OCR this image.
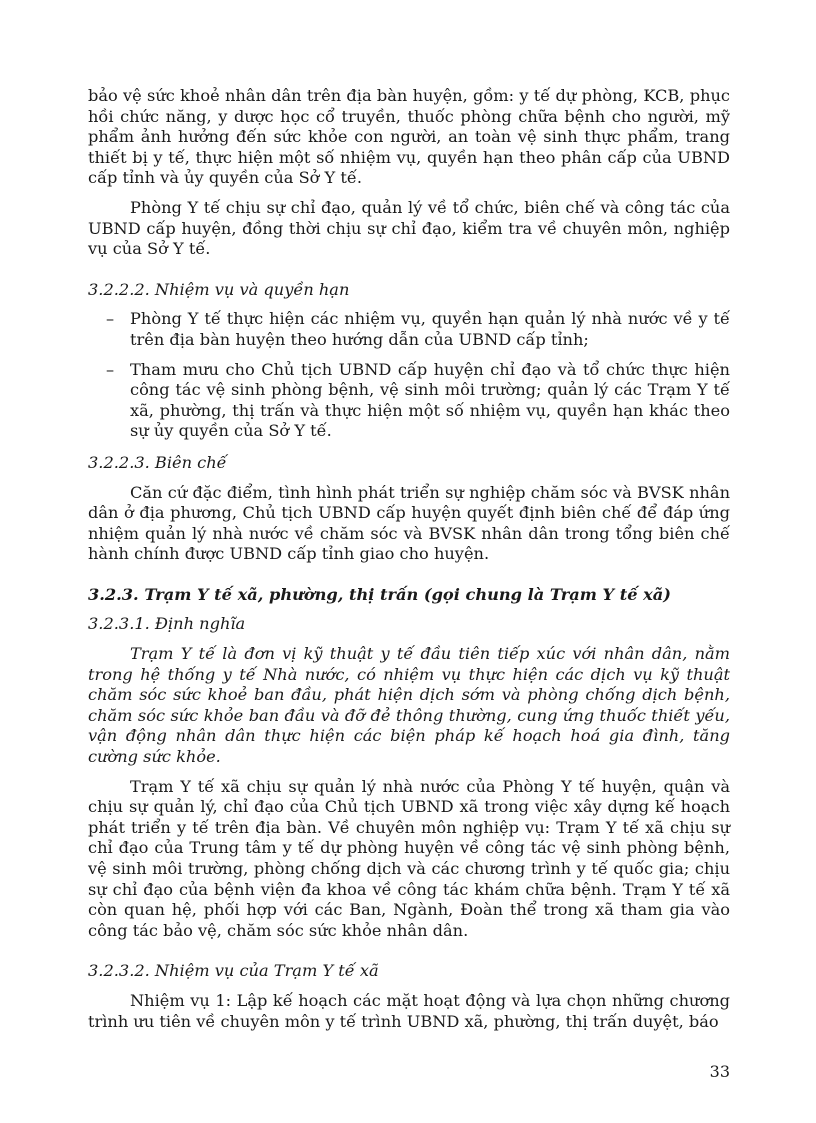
bảo vệ sức khoẻ nhân dân trên địa bàn huyện, gồm: y tế dự phòng, KCB, phục hồi chức năng, y dược học cổ truyền, thuốc phòng chữa bệnh cho người, mỹ phẩm ảnh hưởng đến sức khỏe con người, an toàn vệ sinh thực phẩm, trang thiết bị y tế, thực hiện một số nhiệm vụ, quyền hạn theo phân cấp của UBND cấp tỉnh và ủy quyền của Sở Y tế.

Phòng Y tế chịu sự chỉ đạo, quản lý về tổ chức, biên chế và công tác của UBND cấp huyện, đồng thời chịu sự chỉ đạo, kiểm tra về chuyên môn, nghiệp vụ của Sở Y tế.

3.2.2.2. Nhiệm vụ và quyền hạn

– Phòng Y tế thực hiện các nhiệm vụ, quyền hạn quản lý nhà nước về y tế trên địa bàn huyện theo hướng dẫn của UBND cấp tỉnh;
– Tham mưu cho Chủ tịch UBND cấp huyện chỉ đạo và tổ chức thực hiện công tác vệ sinh phòng bệnh, vệ sinh môi trường; quản lý các Trạm Y tế xã, phường, thị trấn và thực hiện một số nhiệm vụ, quyền hạn khác theo sự ủy quyền của Sở Y tế.

3.2.2.3. Biên chế

Căn cứ đặc điểm, tình hình phát triển sự nghiệp chăm sóc và BVSK nhân dân ở địa phương, Chủ tịch UBND cấp huyện quyết định biên chế để đáp ứng nhiệm quản lý nhà nước về chăm sóc và BVSK nhân dân trong tổng biên chế hành chính được UBND cấp tỉnh giao cho huyện.

3.2.3. Trạm Y tế xã, phường, thị trấn (gọi chung là Trạm Y tế xã)

3.2.3.1. Định nghĩa

Trạm Y tế là đơn vị kỹ thuật y tế đầu tiên tiếp xúc với nhân dân, nằm trong hệ thống y tế Nhà nước, có nhiệm vụ thực hiện các dịch vụ kỹ thuật chăm sóc sức khoẻ ban đầu, phát hiện dịch sớm và phòng chống dịch bệnh, chăm sóc sức khỏe ban đầu và đỡ đẻ thông thường, cung ứng thuốc thiết yếu, vận động nhân dân thực hiện các biện pháp kế hoạch hoá gia đình, tăng cường sức khỏe.

Trạm Y tế xã chịu sự quản lý nhà nước của Phòng Y tế huyện, quận và chịu sự quản lý, chỉ đạo của Chủ tịch UBND xã trong việc xây dựng kế hoạch phát triển y tế trên địa bàn. Về chuyên môn nghiệp vụ: Trạm Y tế xã chịu sự chỉ đạo của Trung tâm y tế dự phòng huyện về công tác vệ sinh phòng bệnh, vệ sinh môi trường, phòng chống dịch và các chương trình y tế quốc gia; chịu sự chỉ đạo của bệnh viện đa khoa về công tác khám chữa bệnh. Trạm Y tế xã còn quan hệ, phối hợp với các Ban, Ngành, Đoàn thể trong xã tham gia vào công tác bảo vệ, chăm sóc sức khỏe nhân dân.

3.2.3.2. Nhiệm vụ của Trạm Y tế xã

Nhiệm vụ 1: Lập kế hoạch các mặt hoạt động và lựa chọn những chương trình ưu tiên về chuyên môn y tế trình UBND xã, phường, thị trấn duyệt, báo

33
